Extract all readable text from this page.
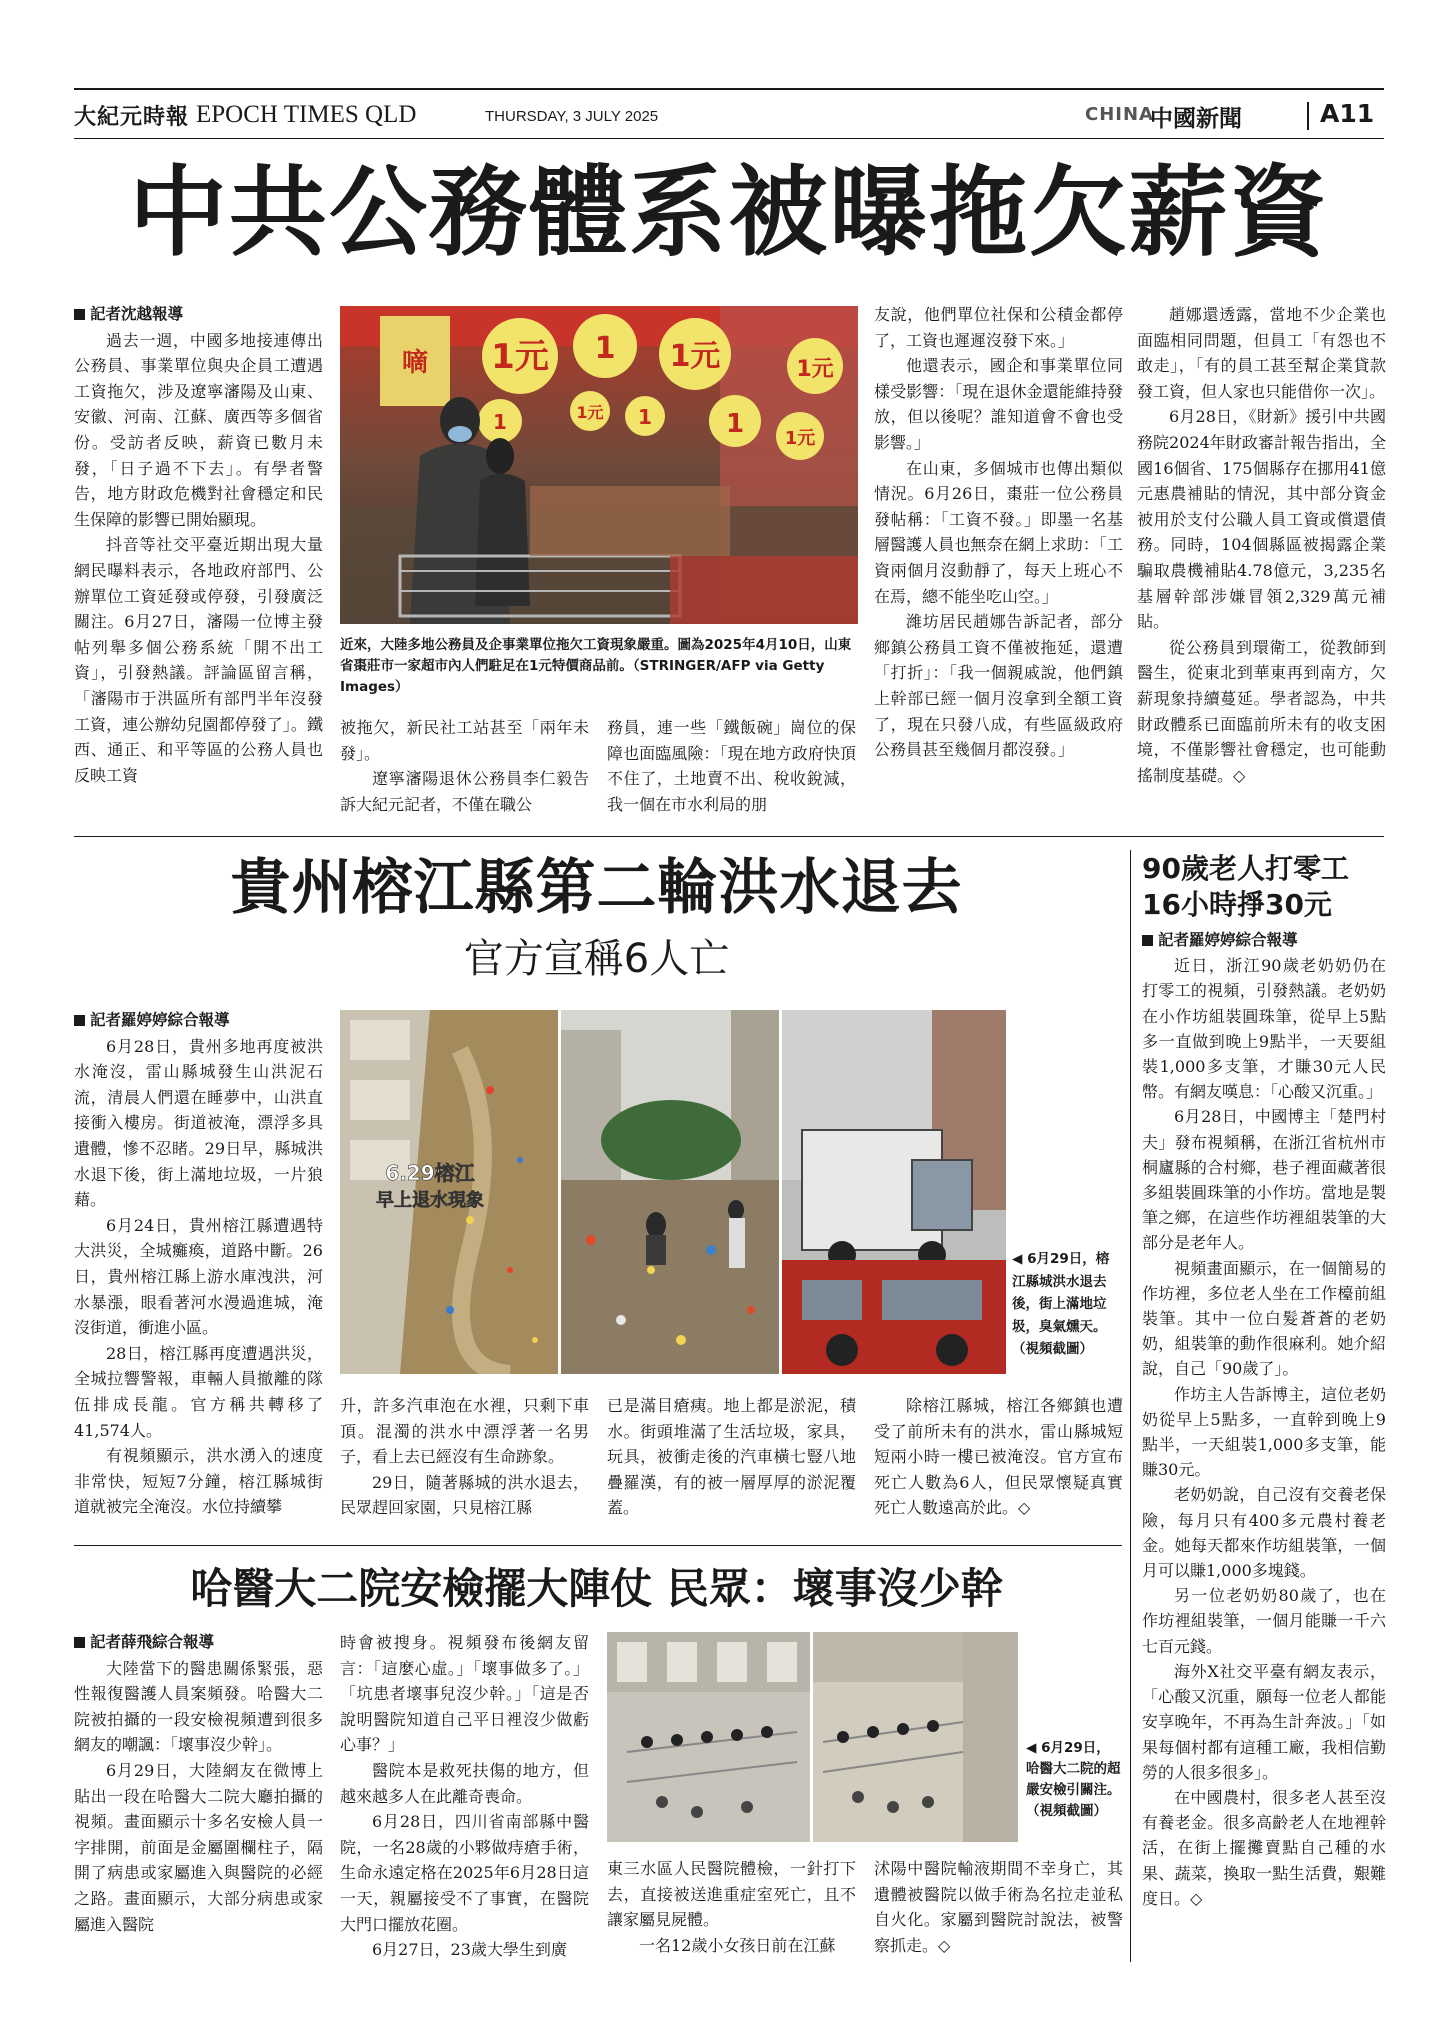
大紀元時報 EPOCH TIMES QLD	THURSDAY, 3 JULY 2025	CHINA
中國新聞	A11
中共公務體系被曝拖欠薪資

記者沈越報導

過去一週，中國多地接連傳出公務員、事業單位與央企員工遭遇工資拖欠，涉及遼寧瀋陽及山東、安徽、河南、江蘇、廣西等多個省份。受訪者反映，薪資已數月未發，「日子過不下去」。有學者警告，地方財政危機對社會穩定和民生保障的影響已開始顯現。

抖音等社交平臺近期出現大量網民曝料表示，各地政府部門、公辦單位工資延發或停發，引發廣泛關注。6月27日，瀋陽一位博主發帖列舉多個公務系統「開不出工資」，引發熱議。評論區留言稱，「瀋陽市于洪區所有部門半年沒發工資，連公辦幼兒園都停發了」。鐵西、通正、和平等區的公務人員也反映工資

嘀 1元 1 1元
1
1元
1元 1
1元
1
近來，大陸多地公務員及企事業單位拖欠工資現象嚴重。圖為2025年4月10日，山東省棗莊市一家超市內人們駐足在1元特價商品前。（STRINGER/AFP via Getty Images）

被拖欠，新民社工站甚至「兩年未發」。

遼寧瀋陽退休公務員李仁毅告訴大紀元記者，不僅在職公

務員，連一些「鐵飯碗」崗位的保障也面臨風險：「現在地方政府快頂不住了，土地賣不出、稅收銳減，我一個在市水利局的朋

友說，他們單位社保和公積金都停了，工資也遲遲沒發下來。」

他還表示，國企和事業單位同樣受影響：「現在退休金還能維持發放，但以後呢？誰知道會不會也受影響。」

在山東，多個城市也傳出類似情況。6月26日，棗莊一位公務員發帖稱：「工資不發。」即墨一名基層醫護人員也無奈在網上求助：「工資兩個月沒動靜了，每天上班心不在焉，總不能坐吃山空。」

濰坊居民趙娜告訴記者，部分鄉鎮公務員工資不僅被拖延，還遭「打折」：「我一個親戚說，他們鎮上幹部已經一個月沒拿到全額工資了，現在只發八成，有些區級政府公務員甚至幾個月都沒發。」

趙娜還透露，當地不少企業也面臨相同問題，但員工「有怨也不敢走」，「有的員工甚至幫企業貸款發工資，但人家也只能借你一次」。

6月28日，《財新》援引中共國務院2024年財政審計報告指出，全國16個省、175個縣存在挪用41億元惠農補貼的情況，其中部分資金被用於支付公職人員工資或償還債務。同時，104個縣區被揭露企業騙取農機補貼4.78億元，3,235名基層幹部涉嫌冒領2,329萬元補貼。

從公務員到環衛工，從教師到醫生，從東北到華東再到南方，欠薪現象持續蔓延。學者認為，中共財政體系已面臨前所未有的收支困境，不僅影響社會穩定，也可能動搖制度基礎。◇

貴州榕江縣第二輪洪水退去
官方宣稱6人亡

記者羅婷婷綜合報導

6月28日，貴州多地再度被洪水淹沒，雷山縣城發生山洪泥石流，清晨人們還在睡夢中，山洪直接衝入樓房。街道被淹，漂浮多具遺體，慘不忍睹。29日早，縣城洪水退下後，街上滿地垃圾，一片狼藉。

6月24日，貴州榕江縣遭遇特大洪災，全城癱瘓，道路中斷。26日，貴州榕江縣上游水庫洩洪，河水暴漲，眼看著河水漫過進城，淹沒街道，衝進小區。

28日，榕江縣再度遭遇洪災，全城拉響警報，車輛人員撤離的隊伍排成長龍。官方稱共轉移了41,574人。

有視頻顯示，洪水湧入的速度非常快，短短7分鐘，榕江縣城街道就被完全淹沒。水位持續攀

6.29榕江
早上退水現象
◀ 6月29日，榕江縣城洪水退去後，街上滿地垃圾，臭氣燻天。（視頻截圖）

升，許多汽車泡在水裡，只剩下車頂。混濁的洪水中漂浮著一名男子，看上去已經沒有生命跡象。

29日，隨著縣城的洪水退去，民眾趕回家園，只見榕江縣

已是滿目瘡痍。地上都是淤泥，積水。街頭堆滿了生活垃圾，家具，玩具，被衝走後的汽車橫七豎八地疊羅漢，有的被一層厚厚的淤泥覆蓋。

除榕江縣城，榕江各鄉鎮也遭受了前所未有的洪水，雷山縣城短短兩小時一樓已被淹沒。官方宣布死亡人數為6人，但民眾懷疑真實死亡人數遠高於此。◇

哈醫大二院安檢擺大陣仗 民眾：壞事沒少幹

記者薛飛綜合報導

大陸當下的醫患關係緊張，惡性報復醫護人員案頻發。哈醫大二院被拍攝的一段安檢視頻遭到很多網友的嘲諷：「壞事沒少幹」。

6月29日，大陸網友在微博上貼出一段在哈醫大二院大廳拍攝的視頻。畫面顯示十多名安檢人員一字排開，前面是金屬圍欄柱子，隔開了病患或家屬進入與醫院的必經之路。畫面顯示，大部分病患或家屬進入醫院

時會被搜身。視頻發布後網友留言：「這麼心虛。」「壞事做多了。」「坑患者壞事兒沒少幹。」「這是否說明醫院知道自己平日裡沒少做虧心事？」

醫院本是救死扶傷的地方，但越來越多人在此離奇喪命。

6月28日，四川省南部縣中醫院，一名28歲的小夥做痔瘡手術，生命永遠定格在2025年6月28日這一天，親屬接受不了事實，在醫院大門口擺放花圈。

6月27日，23歲大學生到廣

◀ 6月29日，哈醫大二院的超嚴安檢引關注。（視頻截圖）

東三水區人民醫院體檢，一針打下去，直接被送進重症室死亡，且不讓家屬見屍體。

一名12歲小女孩日前在江蘇

沭陽中醫院輸液期間不幸身亡，其遺體被醫院以做手術為名拉走並私自火化。家屬到醫院討說法，被警察抓走。◇

90歲老人打零工
16小時掙30元

記者羅婷婷綜合報導

近日，浙江90歲老奶奶仍在打零工的視頻，引發熱議。老奶奶在小作坊組裝圓珠筆，從早上5點多一直做到晚上9點半，一天要組裝1,000多支筆，才賺30元人民幣。有網友嘆息：「心酸又沉重。」

6月28日，中國博主「楚門村夫」發布視頻稱，在浙江省杭州市桐廬縣的合村鄉，巷子裡面藏著很多組裝圓珠筆的小作坊。當地是製筆之鄉，在這些作坊裡組裝筆的大部分是老年人。

視頻畫面顯示，在一個簡易的作坊裡，多位老人坐在工作檯前組裝筆。其中一位白髮蒼蒼的老奶奶，組裝筆的動作很麻利。她介紹說，自己「90歲了」。

作坊主人告訴博主，這位老奶奶從早上5點多，一直幹到晚上9點半，一天組裝1,000多支筆，能賺30元。

老奶奶說，自己沒有交養老保險，每月只有400多元農村養老金。她每天都來作坊組裝筆，一個月可以賺1,000多塊錢。

另一位老奶奶80歲了，也在作坊裡組裝筆，一個月能賺一千六七百元錢。

海外X社交平臺有網友表示，「心酸又沉重，願每一位老人都能安享晚年，不再為生計奔波。」「如果每個村都有這種工廠，我相信勤勞的人很多很多」。

在中國農村，很多老人甚至沒有養老金。很多高齡老人在地裡幹活，在街上擺攤賣點自己種的水果、蔬菜，換取一點生活費，艱難度日。◇
